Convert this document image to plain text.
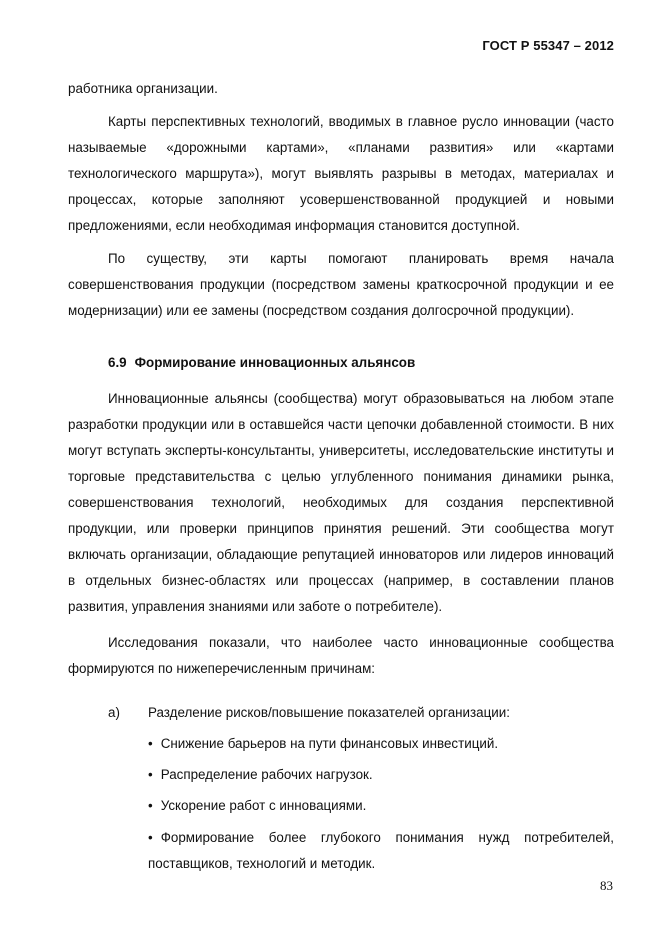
ГОСТ Р 55347 – 2012

работника организации.

Карты перспективных технологий, вводимых в главное русло инновации (часто называемые «дорожными картами», «планами развития» или «картами технологического маршрута»), могут выявлять разрывы в методах, материалах и процессах, которые заполняют усовершенствованной продукцией и новыми предложениями, если необходимая информация становится доступной.

По существу, эти карты помогают планировать время начала совершенствования продукции (посредством замены краткосрочной продукции и ее модернизации) или ее замены (посредством создания долгосрочной продукции).

6.9 Формирование инновационных альянсов

Инновационные альянсы (сообщества) могут образовываться на любом этапе разработки продукции или в оставшейся части цепочки добавленной стоимости. В них могут вступать эксперты-консультанты, университеты, исследовательские институты и торговые представительства с целью углубленного понимания динамики рынка, совершенствования технологий, необходимых для создания перспективной продукции, или проверки принципов принятия решений. Эти сообщества могут включать организации, обладающие репутацией инноваторов или лидеров инноваций в отдельных бизнес-областях или процессах (например, в составлении планов развития, управления знаниями или заботе о потребителе).

Исследования показали, что наиболее часто инновационные сообщества формируются по нижеперечисленным причинам:

а) Разделение рисков/повышение показателей организации:

• Снижение барьеров на пути финансовых инвестиций.

• Распределение рабочих нагрузок.

• Ускорение работ с инновациями.

• Формирование более глубокого понимания нужд потребителей, поставщиков, технологий и методик.

83
